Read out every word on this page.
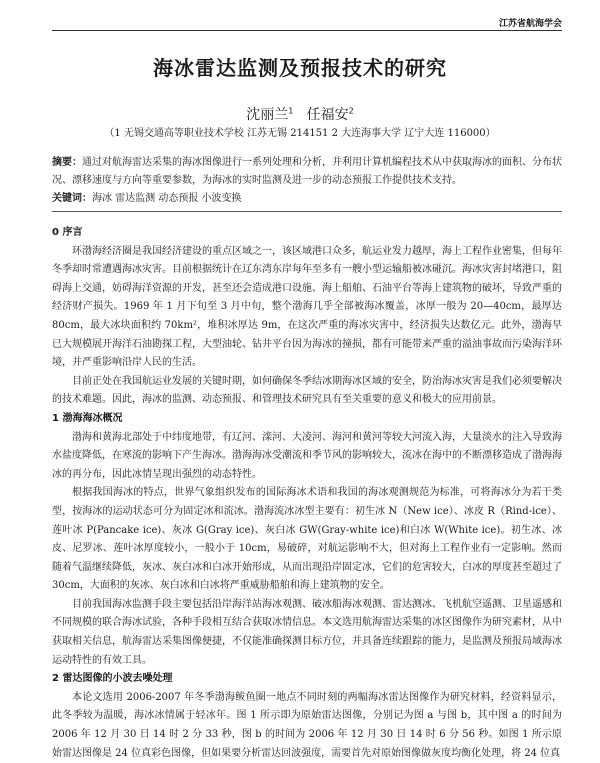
江苏省航海学会
海冰雷达监测及预报技术的研究
沈丽兰$^1$ 任福安$^2$
（1 无锡交通高等职业技术学校 江苏无锡 214151 2 大连海事大学 辽宁大连 116000）

摘要：通过对航海雷达采集的海冰图像进行一系列处理和分析，并利用计算机编程技术从中获取海冰的面积、分布状况、漂移速度与方向等重要参数，为海冰的实时监测及进一步的动态预报工作提供技术支持。

关键词：海冰 雷达监测 动态预报 小波变换

0 序言

环渤海经济圈是我国经济建设的重点区域之一，该区域港口众多，航运业发力越厚，海上工程作业密集，但每年冬季却时常遭遇海冰灾害。目前根据统计在辽东湾东岸每年至多有一艘小型运输船被冰碰沉。海冰灾害封堵港口，阻碍海上交通，妨碍海洋资源的开发，甚至还会造成港口设施、海上船舶、石油平台等海上建筑物的破坏，导致严重的经济财产损失。1969 年 1 月下旬至 3 月中旬，整个渤海几乎全部被海冰覆盖，冰厚一般为 20—40cm，最厚达 80cm，最大冰块面积约 70km²，堆积冰厚达 9m，在这次严重的海冰灾害中，经济损失达数亿元。此外，渤海早已大规模展开海洋石油勘探工程，大型油轮、钻井平台因为海冰的撞损，都有可能带来严重的溢油事故而污染海洋环境，并严重影响沿岸人民的生活。

目前正处在我国航运业发展的关键时期，如何确保冬季结冰期海冰区域的安全，防治海冰灾害是我们必须要解决的技术难题。因此，海冰的监测、动态预报、和管理技术研究具有至关重要的意义和极大的应用前景。

1 渤海海冰概况

渤海和黄海北部处于中纬度地带，有辽河、滦河、大凌河、海河和黄河等较大河流入海，大量淡水的注入导致海水盐度降低，在寒流的影响下产生海冰。渤海海冰受潮流和季节风的影响较大，流冰在海中的不断漂移造成了渤海海冰的再分布，因此冰情呈现出强烈的动态特性。

根据我国海冰的特点，世界气象组织发布的国际海冰术语和我国的海冰观测规范为标准，可将海冰分为若干类型，按海冰的运动状态可分为固定冰和流冰。渤海流冰冰型主要有：初生冰 N（New ice）、冰皮 R（Rind-ice）、莲叶冰 P(Pancake ice)、灰冰 G(Gray ice)、灰白冰 GW(Gray-white ice)和白冰 W(White ice)。初生冰、冰皮、尼罗冰、莲叶冰厚度较小，一般小于 10cm，易破碎，对航运影响不大，但对海上工程作业有一定影响。然而随着气温继续降低，灰冰、灰白冰和白冰开始形成，从而出现沿岸固定冰，它们的危害较大，白冰的厚度甚至超过了 30cm，大面积的灰冰、灰白冰和白冰将严重威胁船舶和海上建筑物的安全。

目前我国海冰监测手段主要包括沿岸海洋站海冰观测、破冰船海冰观测、雷达测冰、飞机航空遥测、卫星遥感和不同规模的联合海冰试验，各种手段相互结合获取冰情信息。本文选用航海雷达采集的冰区图像作为研究素材，从中获取相关信息，航海雷达采集图像便捷，不仅能准确探测目标方位，并具备连续跟踪的能力，是监测及预报局域海冰运动特性的有效工具。

2 雷达图像的小波去噪处理

本论文选用 2006-2007 年冬季渤海鲅鱼圈一地点不同时刻的两幅海冰雷达图像作为研究材料，经资料显示，此冬季较为温暖，海冰冰情属于轻冰年。图 1 所示即为原始雷达图像，分别记为图 a 与图 b，其中图 a 的时间为 2006 年 12 月 30 日 14 时 2 分 33 秒，图 b 的时间为 2006 年 12 月 30 日 14 时 6 分 56 秒。如图 1 所示原始雷达图像是 24 位真彩色图像，但如果要分析雷达回波强度，需要首先对原始图像做灰度均衡化处理，将 24 位真
